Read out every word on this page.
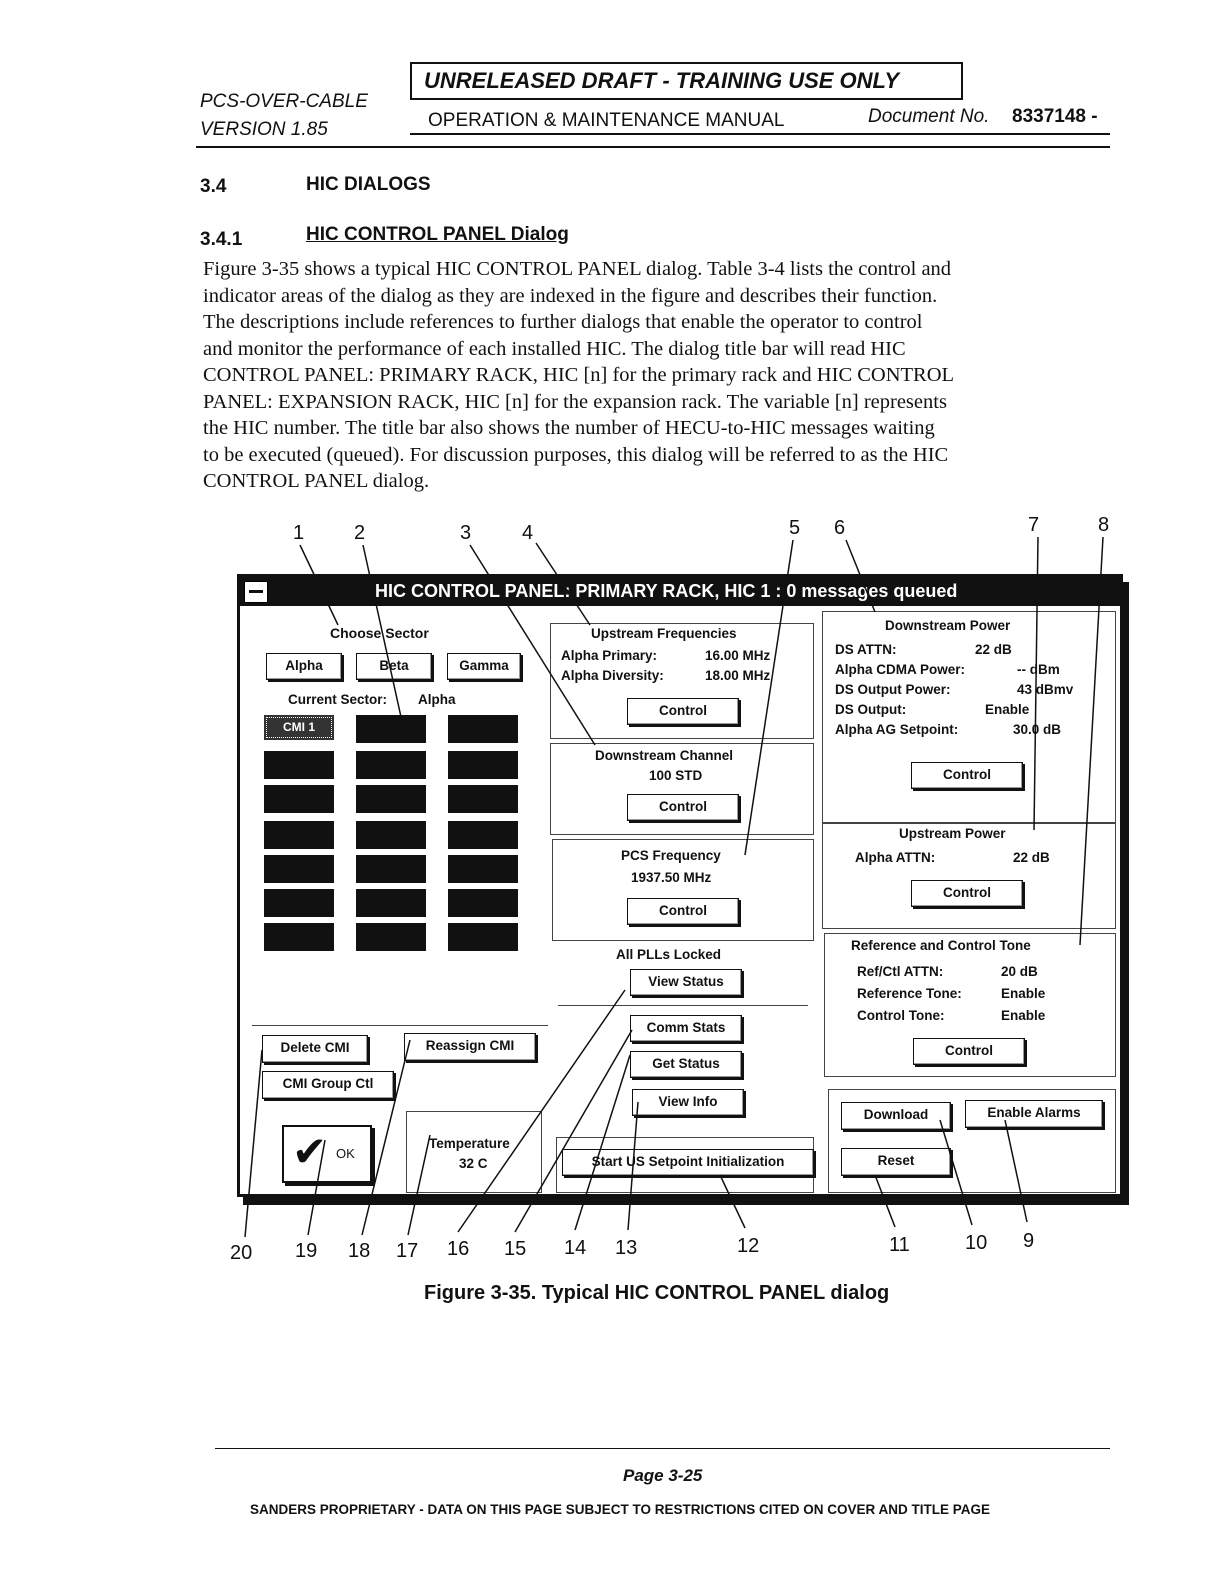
PCS-OVER-CABLE
VERSION 1.85
UNRELEASED DRAFT - TRAINING USE ONLY
OPERATION & MAINTENANCE MANUAL	Document No. 8337148 -
3.4	HIC DIALOGS
3.4.1	HIC CONTROL PANEL Dialog
Figure 3-35 shows a typical HIC CONTROL PANEL dialog. Table 3-4 lists the control and
indicator areas of the dialog as they are indexed in the figure and describes their function.
The descriptions include references to further dialogs that enable the operator to control
and monitor the performance of each installed HIC. The dialog title bar will read HIC
CONTROL PANEL: PRIMARY RACK, HIC [n] for the primary rack and HIC CONTROL
PANEL: EXPANSION RACK, HIC [n] for the expansion rack. The variable [n] represents
the HIC number. The title bar also shows the number of HECU-to-HIC messages waiting
to be executed (queued). For discussion purposes, this dialog will be referred to as the HIC
CONTROL PANEL dialog.
1 2	3	4	5 6	7	8
20 19 18 17 16 15 14 13	12	11	10 9
HIC CONTROL PANEL: PRIMARY RACK, HIC 1 : 0 messages queued
Choose Sector
Alpha	Beta	Gamma
Current Sector: Alpha
CMI 1
Delete CMI	Reassign CMI
CMI Group Ctl
✔ OK
Temperature
32 C
Upstream Frequencies
Alpha Primary:	16.00 MHz
Alpha Diversity:	18.00 MHz
Control
Downstream Channel
100 STD
Control
PCS Frequency
1937.50 MHz
Control
All PLLs Locked
View Status
Comm Stats
Get Status
View Info
Start US Setpoint Initialization
Downstream Power
DS ATTN:	22 dB
Alpha CDMA Power:	-- dBm
DS Output Power:	43 dBmv
DS Output:	Enable
Alpha AG Setpoint:	30.0 dB
Control
Upstream Power
Alpha ATTN:	22 dB
Control
Reference and Control Tone
Ref/Ctl ATTN:	20 dB
Reference Tone:	Enable
Control Tone:	Enable
Control
Download	Enable Alarms
Reset
Figure 3-35. Typical HIC CONTROL PANEL dialog
Page 3-25
SANDERS PROPRIETARY - DATA ON THIS PAGE SUBJECT TO RESTRICTIONS CITED ON COVER AND TITLE PAGE
